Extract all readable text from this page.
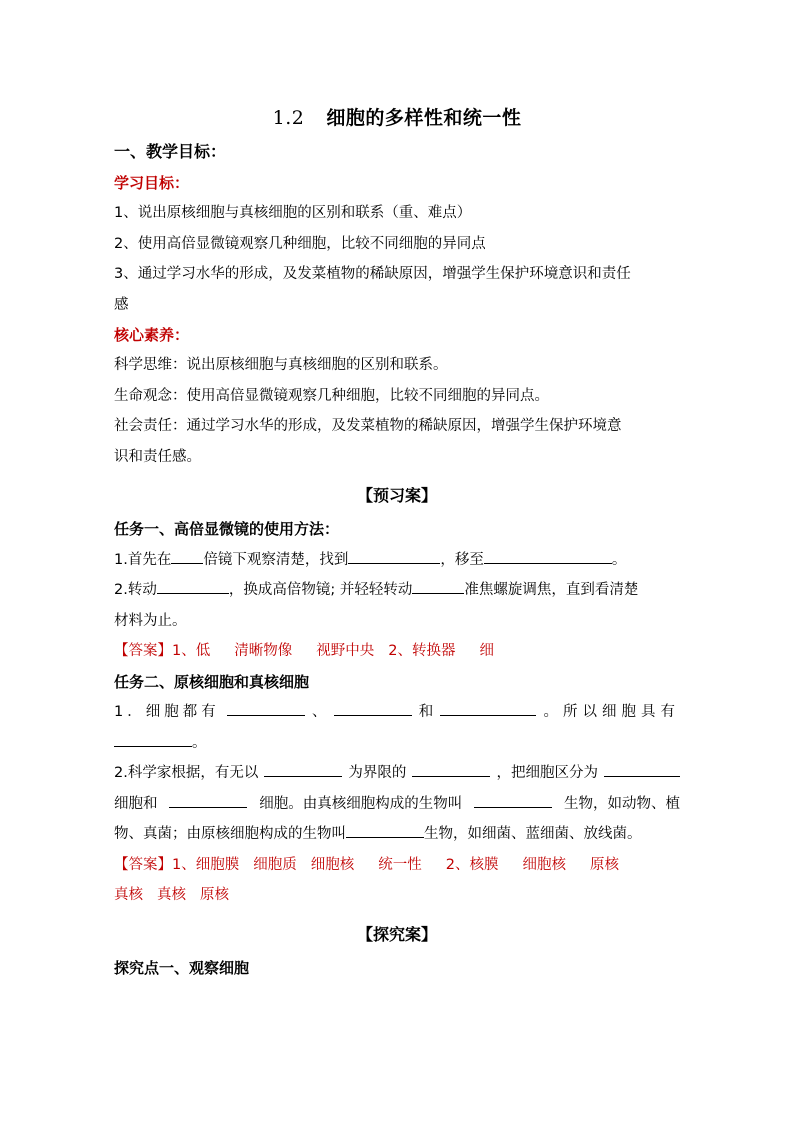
1.2 细胞的多样性和统一性
一、教学目标：
学习目标：
1、说出原核细胞与真核细胞的区别和联系（重、难点）
2、使用高倍显微镜观察几种细胞，比较不同细胞的异同点
3、通过学习水华的形成，及发菜植物的稀缺原因，增强学生保护环境意识和责任
感
核心素养：
科学思维：说出原核细胞与真核细胞的区别和联系。
生命观念：使用高倍显微镜观察几种细胞，比较不同细胞的异同点。
社会责任：通过学习水华的形成，及发菜植物的稀缺原因，增强学生保护环境意
识和责任感。
【预习案】
任务一、高倍显微镜的使用方法：
1.首先在 倍镜下观察清楚，找到	，移至	。
2.转动	，换成高倍物镜; 并轻轻转动	准焦螺旋调焦，直到看清楚
材料为止。
【答案】1、低 清晰物像 视野中央 2、转换器 细
任务二、原核细胞和真核细胞
1．细胞都有	、	和	。所以细胞具有
。
2.科学家根据，有无以	为界限的	，把细胞区分为
细胞和	细胞。由真核细胞构成的生物叫	生物，如动物、植
物、真菌；由原核细胞构成的生物叫	生物，如细菌、蓝细菌、放线菌。
【答案】1、细胞膜 细胞质 细胞核 统一性 2、核膜 细胞核 原核
真核 真核 原核
【探究案】
探究点一、观察细胞
